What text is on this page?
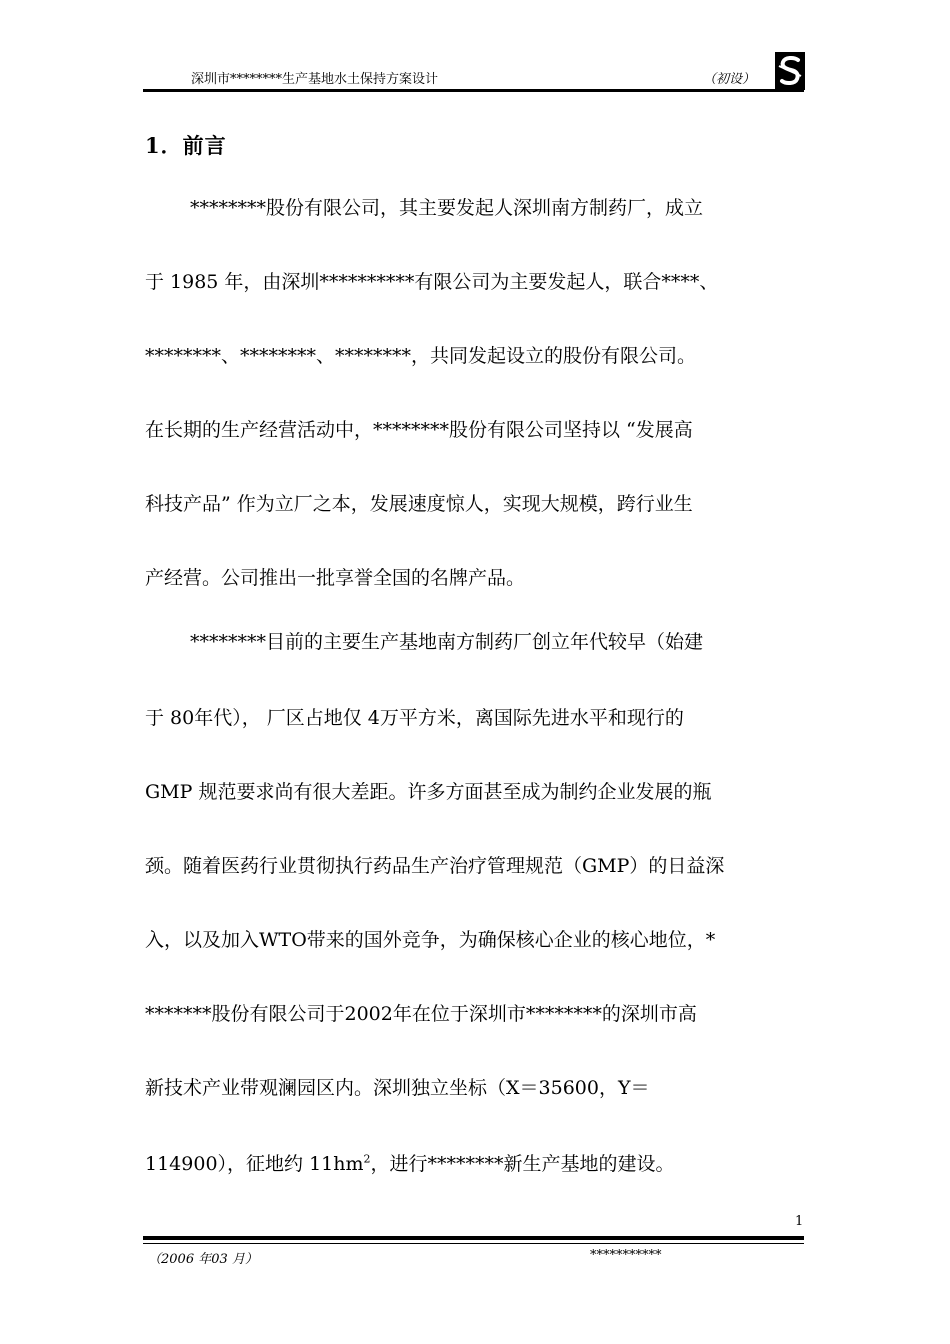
深圳市********生产基地水土保持方案设计	（初设）
1．前言
********股份有限公司，其主要发起人深圳南方制药厂，成立
于 1985 年，由深圳**********有限公司为主要发起人，联合****、
********、********、********，共同发起设立的股份有限公司。
在长期的生产经营活动中，********股份有限公司坚持以 “发展高
科技产品” 作为立厂之本，发展速度惊人，实现大规模，跨行业生
产经营。公司推出一批享誉全国的名牌产品。
********目前的主要生产基地南方制药厂创立年代较早（始建
于 80年代）， 厂区占地仅 4万平方米，离国际先进水平和现行的
GMP 规范要求尚有很大差距。许多方面甚至成为制约企业发展的瓶
颈。随着医药行业贯彻执行药品生产治疗管理规范（GMP）的日益深
入，以及加入WTO带来的国外竞争，为确保核心企业的核心地位，*
*******股份有限公司于2002年在位于深圳市********的深圳市高
新技术产业带观澜园区内。深圳独立坐标（X＝35600，Y＝
114900），征地约 $11hm^2$，进行********新生产基地的建设。
1
（2006 年03 月）	***********
